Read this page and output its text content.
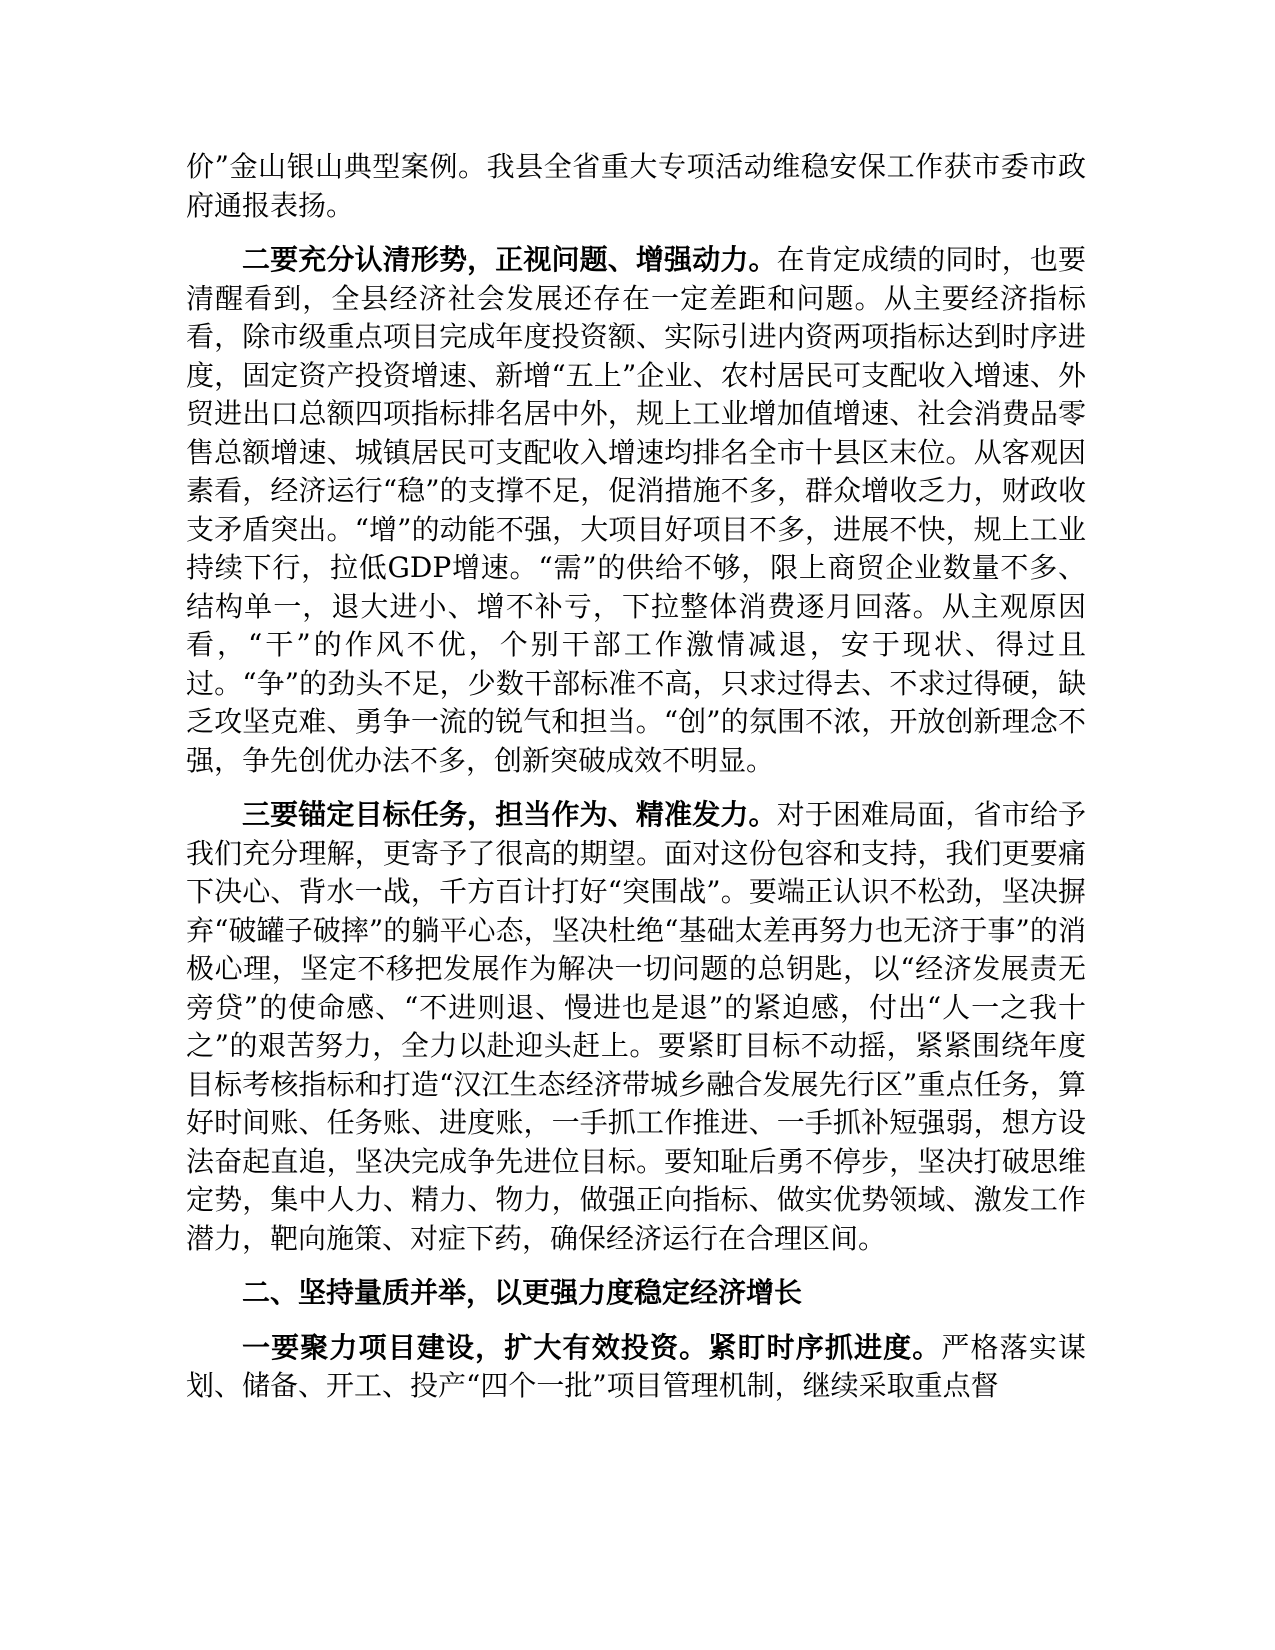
价”金山银山典型案例。我县全省重大专项活动维稳安保工作获市委市政府通报表扬。

二要充分认清形势，正视问题、增强动力。在肯定成绩的同时，也要清醒看到，全县经济社会发展还存在一定差距和问题。从主要经济指标看，除市级重点项目完成年度投资额、实际引进内资两项指标达到时序进度，固定资产投资增速、新增“五上”企业、农村居民可支配收入增速、外贸进出口总额四项指标排名居中外，规上工业增加值增速、社会消费品零售总额增速、城镇居民可支配收入增速均排名全市十县区末位。从客观因素看，经济运行“稳”的支撑不足，促消措施不多，群众增收乏力，财政收支矛盾突出。“增”的动能不强，大项目好项目不多，进展不快，规上工业持续下行，拉低GDP增速。“需”的供给不够，限上商贸企业数量不多、结构单一，退大进小、增不补亏，下拉整体消费逐月回落。从主观原因看，“干”的作风不优，个别干部工作激情减退，安于现状、得过且过。“争”的劲头不足，少数干部标准不高，只求过得去、不求过得硬，缺乏攻坚克难、勇争一流的锐气和担当。“创”的氛围不浓，开放创新理念不强，争先创优办法不多，创新突破成效不明显。

三要锚定目标任务，担当作为、精准发力。对于困难局面，省市给予我们充分理解，更寄予了很高的期望。面对这份包容和支持，我们更要痛下决心、背水一战，千方百计打好“突围战”。要端正认识不松劲，坚决摒弃“破罐子破摔”的躺平心态，坚决杜绝“基础太差再努力也无济于事”的消极心理，坚定不移把发展作为解决一切问题的总钥匙，以“经济发展责无旁贷”的使命感、“不进则退、慢进也是退”的紧迫感，付出“人一之我十之”的艰苦努力，全力以赴迎头赶上。要紧盯目标不动摇，紧紧围绕年度目标考核指标和打造“汉江生态经济带城乡融合发展先行区”重点任务，算好时间账、任务账、进度账，一手抓工作推进、一手抓补短强弱，想方设法奋起直追，坚决完成争先进位目标。要知耻后勇不停步，坚决打破思维定势，集中人力、精力、物力，做强正向指标、做实优势领域、激发工作潜力，靶向施策、对症下药，确保经济运行在合理区间。

二、坚持量质并举，以更强力度稳定经济增长

一要聚力项目建设，扩大有效投资。紧盯时序抓进度。严格落实谋划、储备、开工、投产“四个一批”项目管理机制，继续采取重点督
